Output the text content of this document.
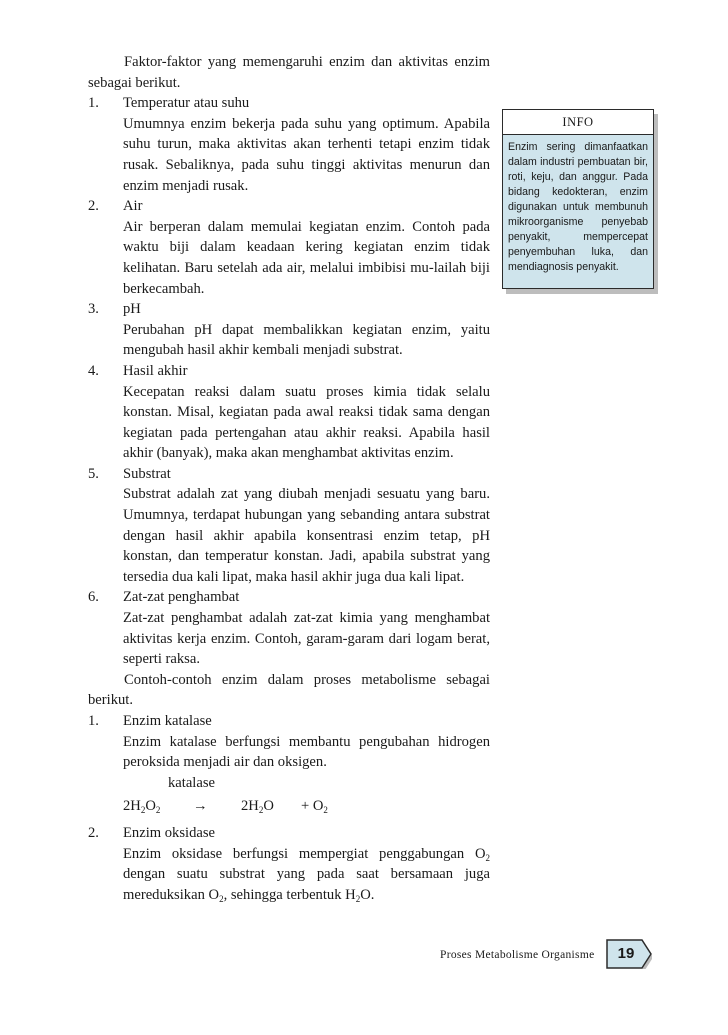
Faktor-faktor yang memengaruhi enzim dan aktivitas enzim sebagai berikut.

1.	Temperatur atau suhu
Umumnya enzim bekerja pada suhu yang optimum. Apabila suhu turun, maka aktivitas akan terhenti tetapi enzim tidak rusak. Sebaliknya, pada suhu tinggi aktivitas menurun dan enzim menjadi rusak.
2.	Air
Air berperan dalam memulai kegiatan enzim. Contoh pada waktu biji dalam keadaan kering kegiatan enzim tidak kelihatan. Baru setelah ada air, melalui imbibisi mu-lailah biji berkecambah.
3.	pH
Perubahan pH dapat membalikkan kegiatan enzim, yaitu mengubah hasil akhir kembali menjadi substrat.
4.	Hasil akhir
Kecepatan reaksi dalam suatu proses kimia tidak selalu konstan. Misal, kegiatan pada awal reaksi tidak sama dengan kegiatan pada pertengahan atau akhir reaksi. Apabila hasil akhir (banyak), maka akan menghambat aktivitas enzim.
5.	Substrat
Substrat adalah zat yang diubah menjadi sesuatu yang baru. Umumnya, terdapat hubungan yang sebanding antara substrat dengan hasil akhir apabila konsentrasi enzim tetap, pH konstan, dan temperatur konstan. Jadi, apabila substrat yang tersedia dua kali lipat, maka hasil akhir juga dua kali lipat.
6.	Zat-zat penghambat
Zat-zat penghambat adalah zat-zat kimia yang menghambat aktivitas kerja enzim. Contoh, garam-garam dari logam berat, seperti raksa.

Contoh-contoh enzim dalam proses metabolisme sebagai berikut.

1.	Enzim katalase
Enzim katalase berfungsi membantu pengubahan hidrogen peroksida menjadi air dan oksigen.
katalase
$2H_2O_2$	→	$2H_2O$	+ $O_2$
2.	Enzim oksidase
Enzim oksidase berfungsi mempergiat penggabungan $O_2$ dengan suatu substrat yang pada saat bersamaan juga mereduksikan $O_2$, sehingga terbentuk $H_2O$.
INFO
Enzim sering dimanfaatkan dalam industri pembuatan bir, roti, keju, dan anggur. Pada bidang kedokteran, enzim digunakan untuk membunuh mikroorganisme penyebab penyakit, mempercepat penyembuhan luka, dan mendiagnosis penyakit.
Proses Metabolisme Organisme	19
